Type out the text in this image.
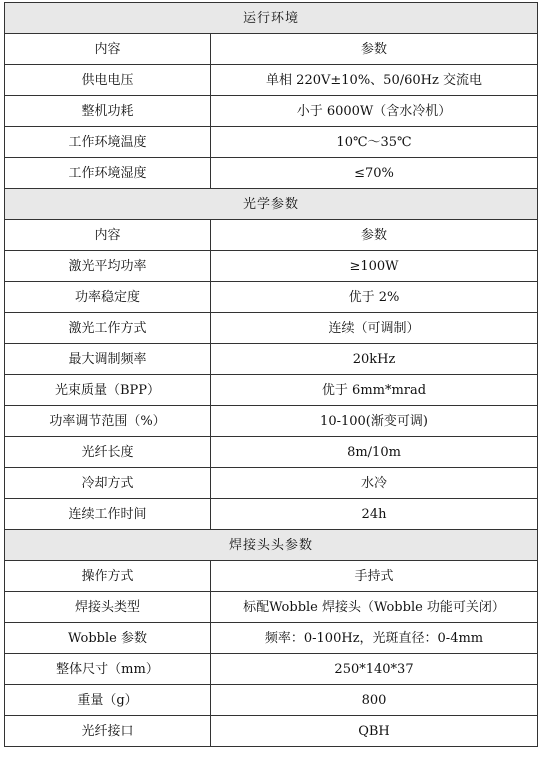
运行环境	
内容	参数
供电电压	单相 220V±10%、50/60Hz 交流电
整机功耗	小于 6000W（含水冷机）
工作环境温度	10℃～35℃
工作环境湿度	≤70%
光学参数	
内容	参数
激光平均功率	≥100W
功率稳定度	优于 2%
激光工作方式	连续（可调制）
最大调制频率	20kHz
光束质量（BPP）	优于 6mm*mrad
功率调节范围（%）	10-100(渐变可调)
光纤长度	8m/10m
冷却方式	水冷
连续工作时间	24h
焊接头头参数	
操作方式	手持式
焊接头类型	标配Wobble 焊接头（Wobble 功能可关闭）
Wobble 参数	频率：0-100Hz，光斑直径：0-4mm
整体尺寸（mm）	250*140*37
重量（g）	800
光纤接口	QBH
